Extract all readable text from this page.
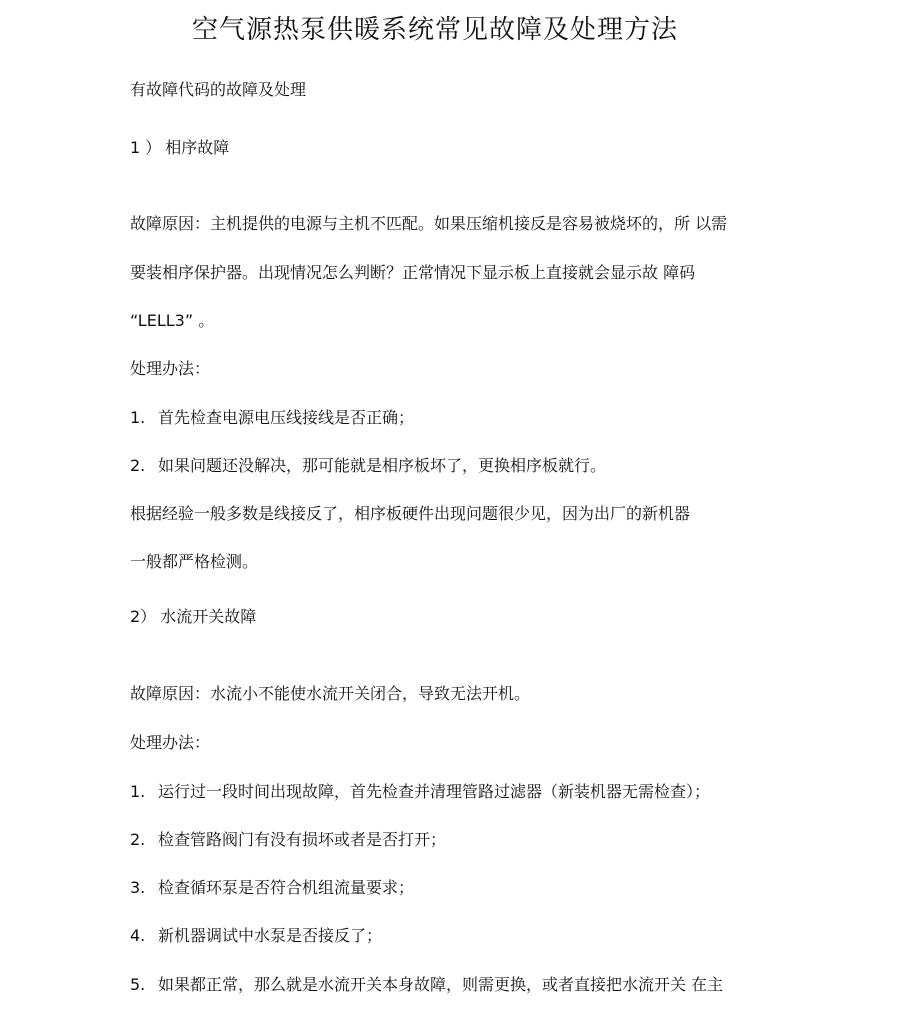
空气源热泵供暖系统常见故障及处理方法
有故障代码的故障及处理
1 ） 相序故障
故障原因：主机提供的电源与主机不匹配。如果压缩机接反是容易被烧坏的，所 以需
要装相序保护器。出现情况怎么判断？正常情况下显示板上直接就会显示故 障码
“LELL3” 。
处理办法：
1. 首先检查电源电压线接线是否正确；
2. 如果问题还没解决，那可能就是相序板坏了，更换相序板就行。
根据经验一般多数是线接反了，相序板硬件出现问题很少见，因为出厂的新机器
一般都严格检测。
2） 水流开关故障
故障原因：水流小不能使水流开关闭合，导致无法开机。
处理办法：
1. 运行过一段时间出现故障，首先检查并清理管路过滤器（新装机器无需检查）；
2. 检查管路阀门有没有损坏或者是否打开；
3. 检查循环泵是否符合机组流量要求；
4. 新机器调试中水泵是否接反了；
5. 如果都正常，那么就是水流开关本身故障，则需更换，或者直接把水流开关 在主
